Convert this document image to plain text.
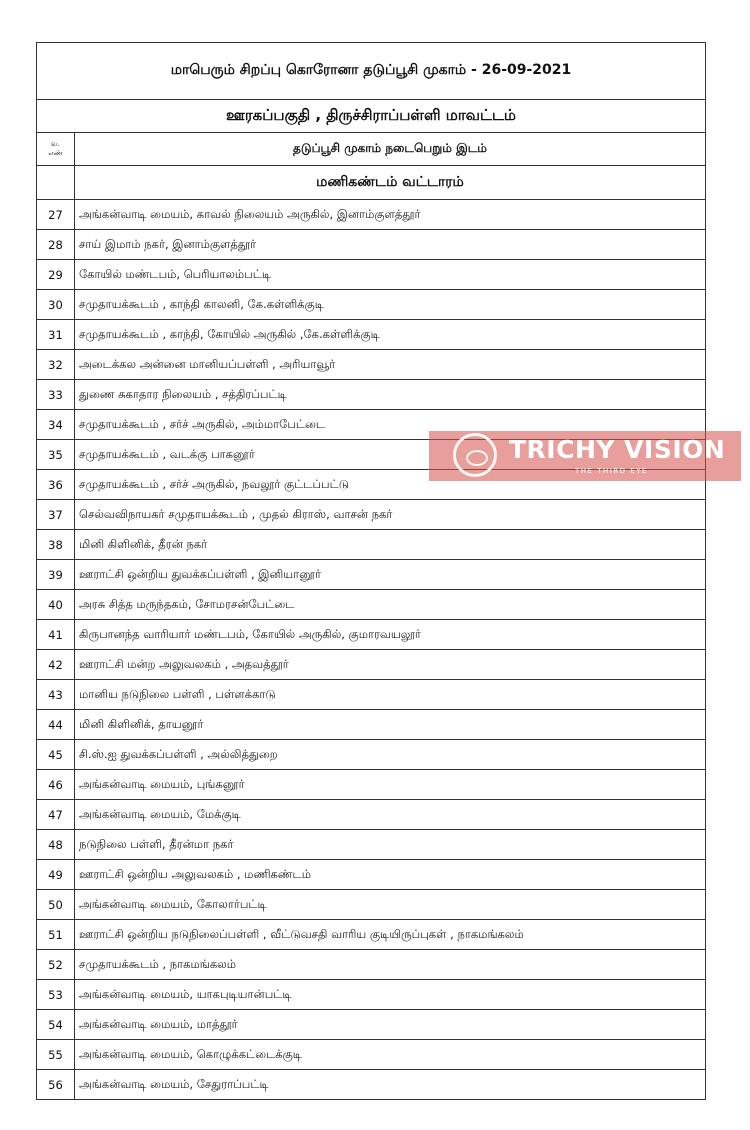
மாபெரும் சிறப்பு கொரோனா தடுப்பூசி முகாம் - 26-09-2021	
ஊரகப்பகுதி , திருச்சிராப்பள்ளி மாவட்டம்	

வ.
எண்	தடுப்பூசி முகாம் நடைபெறும் இடம்
	மணிகண்டம் வட்டாரம்
27	அங்கன்வாடி மையம், காவல் நிலையம் அருகில், இனாம்குளத்தூர்
28	சாய் இமாம் நகர், இனாம்குளத்தூர்
29	கோயில் மண்டபம், பெரியாலம்பட்டி
30	சமுதாயக்கூடம் , காந்தி காலனி, கே.கள்ளிக்குடி
31	சமுதாயக்கூடம் , காந்தி, கோயில் அருகில் ,கே.கள்ளிக்குடி
32	அடைக்கல அன்னை மானியப்பள்ளி , அரியாவூர்
33	துணை சுகாதார நிலையம் , சத்திரப்பட்டி
34	சமுதாயக்கூடம் , சர்ச் அருகில், அம்மாபேட்டை
35	சமுதாயக்கூடம் , வடக்கு பாகனூர்
36	சமுதாயக்கூடம் , சர்ச் அருகில், நவலூர் குட்டப்பட்டு
37	செல்வவிநாயகர் சமுதாயக்கூடம் , முதல் கிராஸ், வாசன் நகர்
38	மினி கிளினிக், தீரன் நகர்
39	ஊராட்சி ஒன்றிய துவக்கப்பள்ளி , இனியானூர்
40	அரசு சித்த மருந்தகம், சோமரசன்பேட்டை
41	கிருபானந்த வாரியார் மண்டபம், கோயில் அருகில், குமாரவயலூர்
42	ஊராட்சி மன்ற அலுவலகம் , அதவத்தூர்
43	மானிய நடுநிலை பள்ளி , பள்ளக்காடு
44	மினி கிளினிக், தாயனூர்
45	சி.ஸ்.ஐ துவக்கப்பள்ளி , அல்லித்துறை
46	அங்கன்வாடி மையம், புங்கனூர்
47	அங்கன்வாடி மையம், மேக்குடி
48	நடுநிலை பள்ளி, தீரன்மா நகர்
49	ஊராட்சி ஒன்றிய அலுவலகம் , மணிகண்டம்
50	அங்கன்வாடி மையம், கோலார்பட்டி
51	ஊராட்சி ஒன்றிய நடுநிலைப்பள்ளி , வீட்டுவசதி வாரிய குடியிருப்புகள் , நாகமங்கலம்
52	சமுதாயக்கூடம் , நாகமங்கலம்
53	அங்கன்வாடி மையம், யாகபுடியான்பட்டி
54	அங்கன்வாடி மையம், மாத்தூர்
55	அங்கன்வாடி மையம், கொழுக்கட்டைக்குடி
56	அங்கன்வாடி மையம், சேதுராப்பட்டி
TRICHY VISION
THE THIRD EYE
